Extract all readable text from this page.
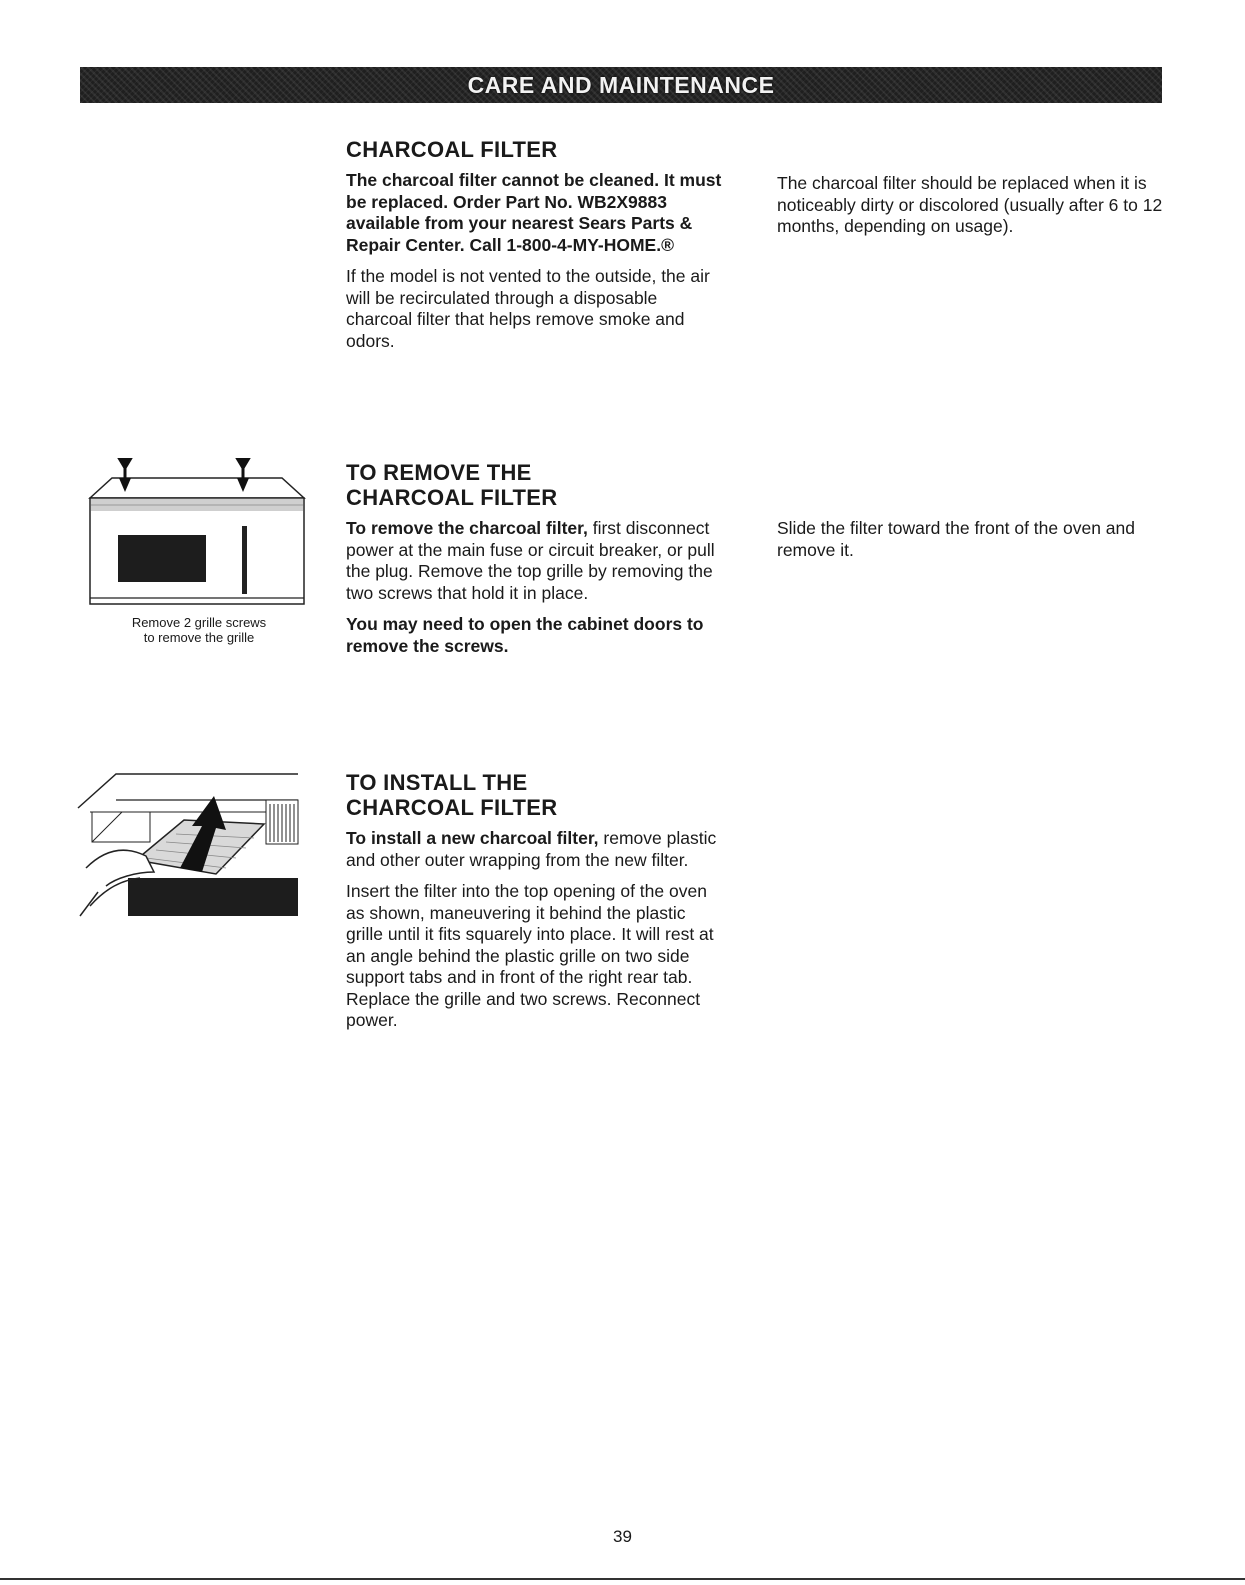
CARE AND MAINTENANCE
CHARCOAL FILTER

The charcoal filter cannot be cleaned. It must be replaced. Order Part No. WB2X9883 available from your nearest Sears Parts & Repair Center. Call 1-800-4-MY-HOME.®

If the model is not vented to the outside, the air will be recirculated through a disposable charcoal filter that helps remove smoke and odors.

The charcoal filter should be replaced when it is noticeably dirty or discolored (usually after 6 to 12 months, depending on usage).

Remove 2 grille screws
to remove the grille
TO REMOVE THE
CHARCOAL FILTER

To remove the charcoal filter, first disconnect power at the main fuse or circuit breaker, or pull the plug. Remove the top grille by removing the two screws that hold it in place.

You may need to open the cabinet doors to remove the screws.

Slide the filter toward the front of the oven and remove it.

TO INSTALL THE
CHARCOAL FILTER

To install a new charcoal filter, remove plastic and other outer wrapping from the new filter.

Insert the filter into the top opening of the oven as shown, maneuvering it behind the plastic grille until it fits squarely into place. It will rest at an angle behind the plastic grille on two side support tabs and in front of the right rear tab. Replace the grille and two screws. Reconnect power.

39
